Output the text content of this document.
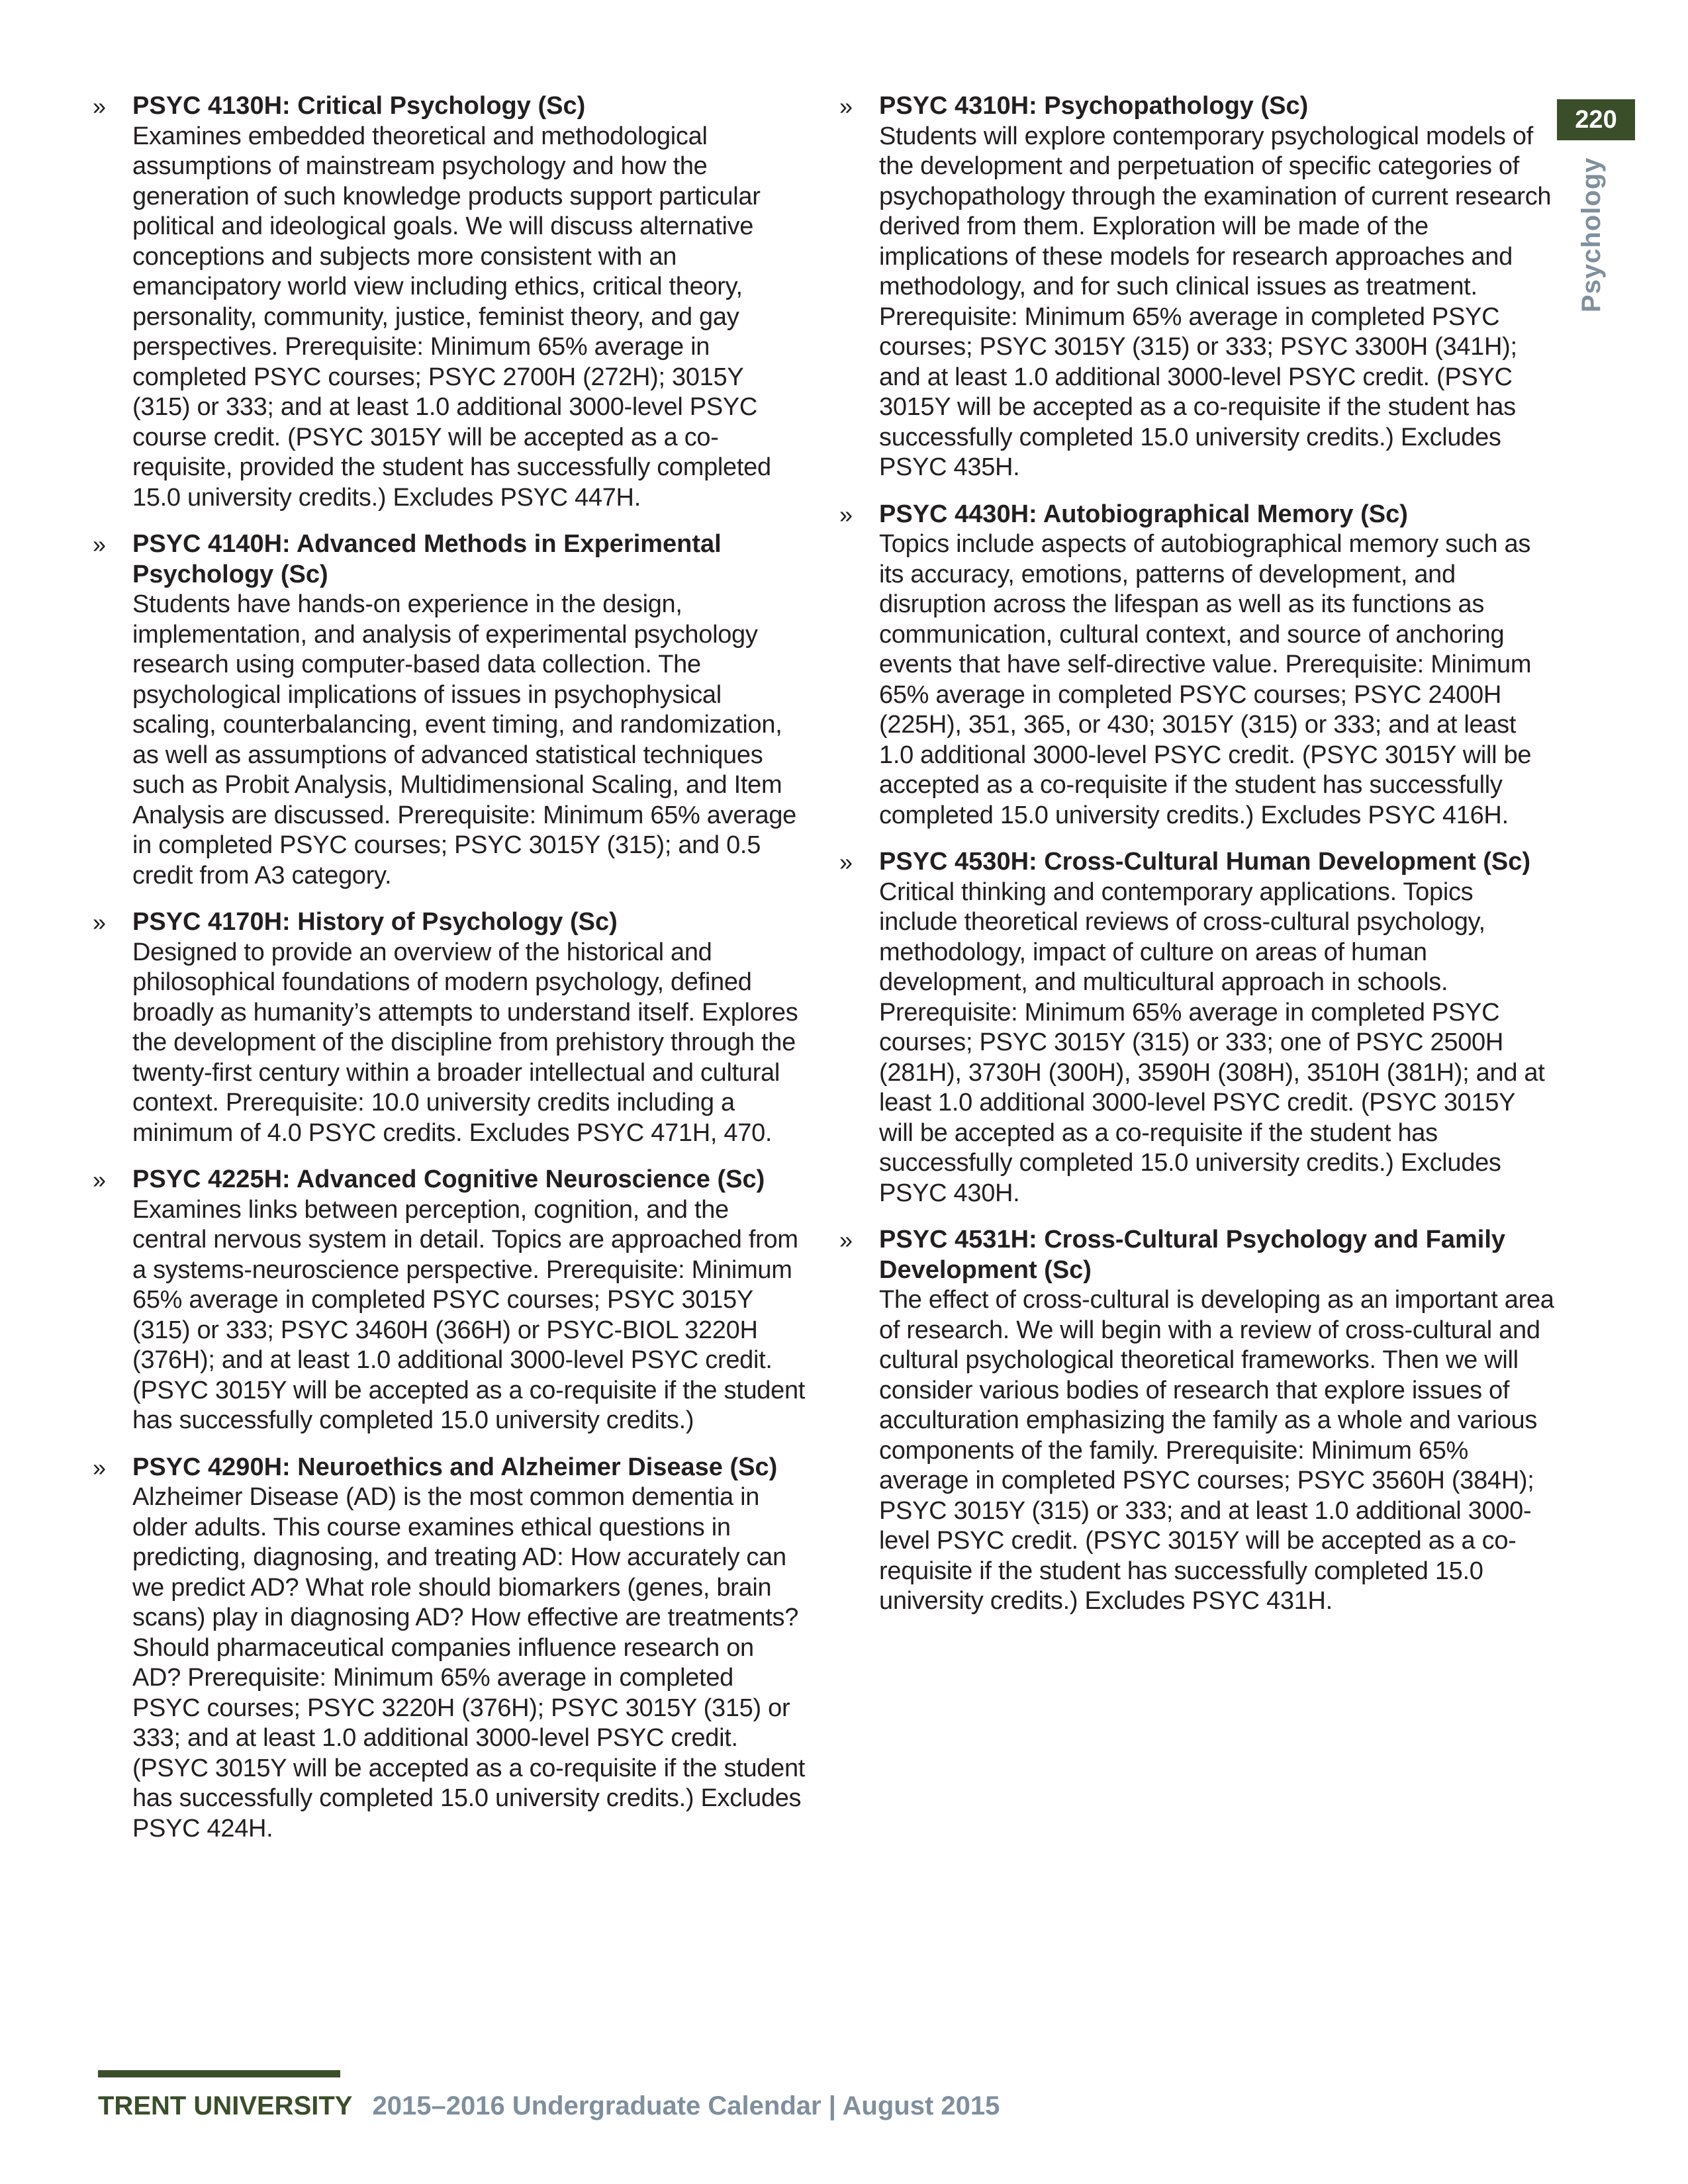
» PSYC 4130H: Critical Psychology (Sc)
Examines embedded theoretical and methodological assumptions of mainstream psychology and how the generation of such knowledge products support particular political and ideological goals. We will discuss alternative conceptions and subjects more consistent with an emancipatory world view including ethics, critical theory, personality, community, justice, feminist theory, and gay perspectives. Prerequisite: Minimum 65% average in completed PSYC courses; PSYC 2700H (272H); 3015Y (315) or 333; and at least 1.0 additional 3000-level PSYC course credit. (PSYC 3015Y will be accepted as a co-requisite, provided the student has successfully completed 15.0 university credits.) Excludes PSYC 447H.
» PSYC 4140H: Advanced Methods in Experimental Psychology (Sc)
Students have hands-on experience in the design, implementation, and analysis of experimental psychology research using computer-based data collection. The psychological implications of issues in psychophysical scaling, counterbalancing, event timing, and randomization, as well as assumptions of advanced statistical techniques such as Probit Analysis, Multidimensional Scaling, and Item Analysis are discussed. Prerequisite: Minimum 65% average in completed PSYC courses; PSYC 3015Y (315); and 0.5 credit from A3 category.
» PSYC 4170H: History of Psychology (Sc)
Designed to provide an overview of the historical and philosophical foundations of modern psychology, defined broadly as humanity’s attempts to understand itself. Explores the development of the discipline from prehistory through the twenty-first century within a broader intellectual and cultural context. Prerequisite: 10.0 university credits including a minimum of 4.0 PSYC credits. Excludes PSYC 471H, 470.
» PSYC 4225H: Advanced Cognitive Neuroscience (Sc)
Examines links between perception, cognition, and the central nervous system in detail. Topics are approached from a systems-neuroscience perspective. Prerequisite: Minimum 65% average in completed PSYC courses; PSYC 3015Y (315) or 333; PSYC 3460H (366H) or PSYC-BIOL 3220H (376H); and at least 1.0 additional 3000-level PSYC credit. (PSYC 3015Y will be accepted as a co-requisite if the student has successfully completed 15.0 university credits.)
» PSYC 4290H: Neuroethics and Alzheimer Disease (Sc)
Alzheimer Disease (AD) is the most common dementia in older adults. This course examines ethical questions in predicting, diagnosing, and treating AD: How accurately can we predict AD? What role should biomarkers (genes, brain scans) play in diagnosing AD? How effective are treatments? Should pharmaceutical companies influence research on AD? Prerequisite: Minimum 65% average in completed PSYC courses; PSYC 3220H (376H); PSYC 3015Y (315) or 333; and at least 1.0 additional 3000-level PSYC credit. (PSYC 3015Y will be accepted as a co-requisite if the student has successfully completed 15.0 university credits.) Excludes PSYC 424H.
» PSYC 4310H: Psychopathology (Sc)
Students will explore contemporary psychological models of the development and perpetuation of specific categories of psychopathology through the examination of current research derived from them. Exploration will be made of the implications of these models for research approaches and methodology, and for such clinical issues as treatment. Prerequisite: Minimum 65% average in completed PSYC courses; PSYC 3015Y (315) or 333; PSYC 3300H (341H); and at least 1.0 additional 3000-level PSYC credit. (PSYC 3015Y will be accepted as a co-requisite if the student has successfully completed 15.0 university credits.) Excludes PSYC 435H.
» PSYC 4430H: Autobiographical Memory (Sc)
Topics include aspects of autobiographical memory such as its accuracy, emotions, patterns of development, and disruption across the lifespan as well as its functions as communication, cultural context, and source of anchoring events that have self-directive value. Prerequisite: Minimum 65% average in completed PSYC courses; PSYC 2400H (225H), 351, 365, or 430; 3015Y (315) or 333; and at least 1.0 additional 3000-level PSYC credit. (PSYC 3015Y will be accepted as a co-requisite if the student has successfully completed 15.0 university credits.) Excludes PSYC 416H.
» PSYC 4530H: Cross-Cultural Human Development (Sc)
Critical thinking and contemporary applications. Topics include theoretical reviews of cross-cultural psychology, methodology, impact of culture on areas of human development, and multicultural approach in schools. Prerequisite: Minimum 65% average in completed PSYC courses; PSYC 3015Y (315) or 333; one of PSYC 2500H (281H), 3730H (300H), 3590H (308H), 3510H (381H); and at least 1.0 additional 3000-level PSYC credit. (PSYC 3015Y will be accepted as a co-requisite if the student has successfully completed 15.0 university credits.) Excludes PSYC 430H.
» PSYC 4531H: Cross-Cultural Psychology and Family Development (Sc)
The effect of cross-cultural is developing as an important area of research. We will begin with a review of cross-cultural and cultural psychological theoretical frameworks. Then we will consider various bodies of research that explore issues of acculturation emphasizing the family as a whole and various components of the family. Prerequisite: Minimum 65% average in completed PSYC courses; PSYC 3560H (384H); PSYC 3015Y (315) or 333; and at least 1.0 additional 3000-level PSYC credit. (PSYC 3015Y will be accepted as a co-requisite if the student has successfully completed 15.0 university credits.) Excludes PSYC 431H.
220
Psychology
TRENT UNIVERSITY 2015–2016 Undergraduate Calendar | August 2015
